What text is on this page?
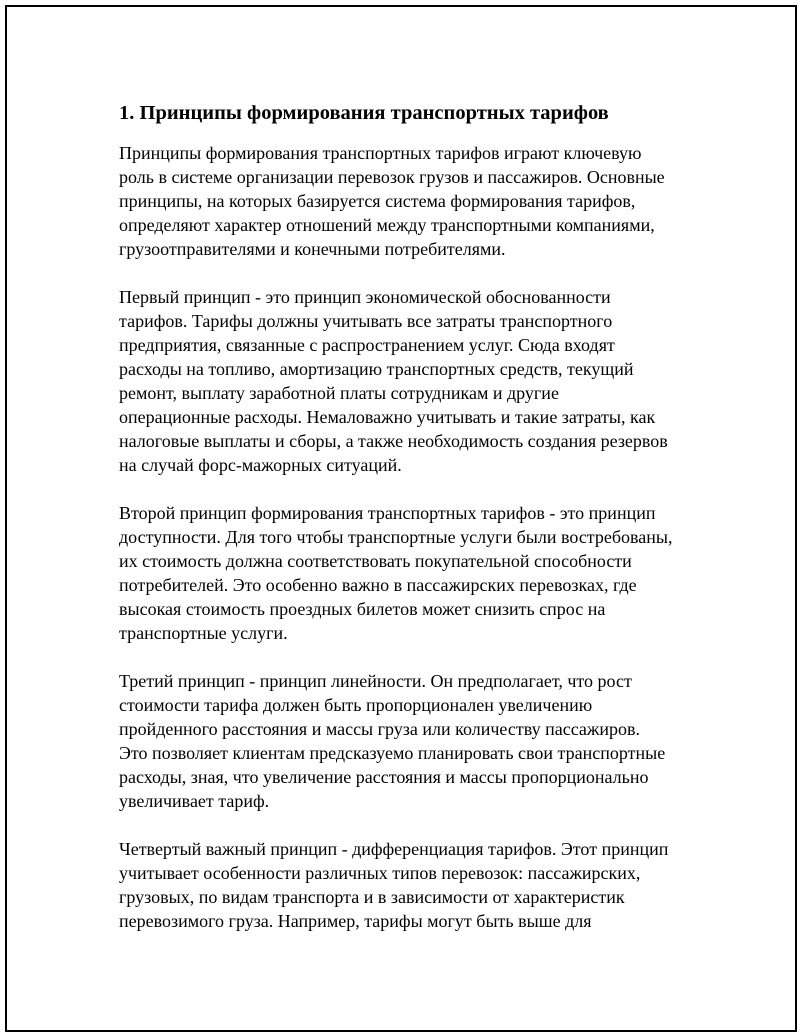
1. Принципы формирования транспортных тарифов

Принципы формирования транспортных тарифов играют ключевую
роль в системе организации перевозок грузов и пассажиров. Основные
принципы, на которых базируется система формирования тарифов,
определяют характер отношений между транспортными компаниями,
грузоотправителями и конечными потребителями.

Первый принцип - это принцип экономической обоснованности
тарифов. Тарифы должны учитывать все затраты транспортного
предприятия, связанные с распространением услуг. Сюда входят
расходы на топливо, амортизацию транспортных средств, текущий
ремонт, выплату заработной платы сотрудникам и другие
операционные расходы. Немаловажно учитывать и такие затраты, как
налоговые выплаты и сборы, а также необходимость создания резервов
на случай форс-мажорных ситуаций.

Второй принцип формирования транспортных тарифов - это принцип
доступности. Для того чтобы транспортные услуги были востребованы,
их стоимость должна соответствовать покупательной способности
потребителей. Это особенно важно в пассажирских перевозках, где
высокая стоимость проездных билетов может снизить спрос на
транспортные услуги.

Третий принцип - принцип линейности. Он предполагает, что рост
стоимости тарифа должен быть пропорционален увеличению
пройденного расстояния и массы груза или количеству пассажиров.
Это позволяет клиентам предсказуемо планировать свои транспортные
расходы, зная, что увеличение расстояния и массы пропорционально
увеличивает тариф.

Четвертый важный принцип - дифференциация тарифов. Этот принцип
учитывает особенности различных типов перевозок: пассажирских,
грузовых, по видам транспорта и в зависимости от характеристик
перевозимого груза. Например, тарифы могут быть выше для
